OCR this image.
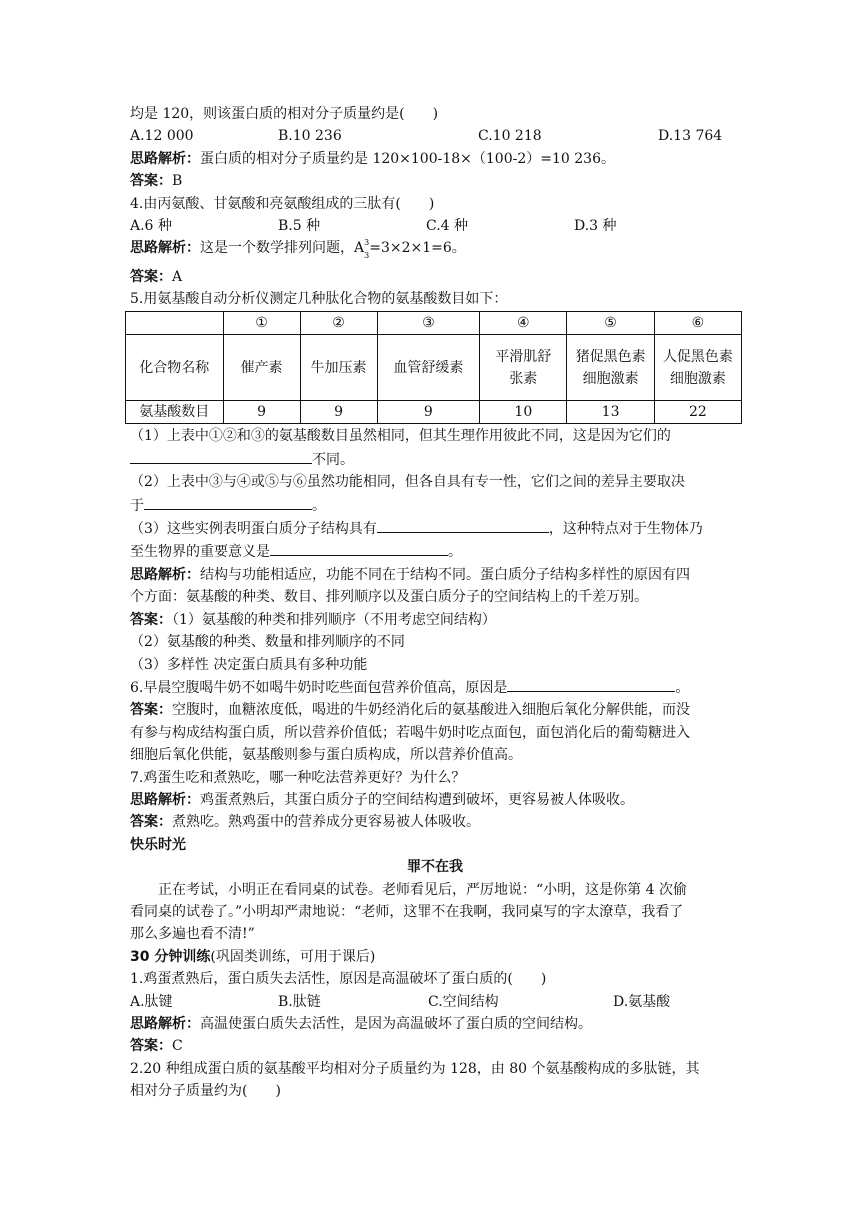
均是 120，则该蛋白质的相对分子质量约是(　　)
A.12 000	B.10 236	C.10 218	D.13 764
思路解析：蛋白质的相对分子质量约是 120×100-18×（100-2）=10 236。
答案：B
4.由丙氨酸、甘氨酸和亮氨酸组成的三肽有(　　)
A.6 种	B.5 种	C.4 种	D.3 种
思路解析：这是一个数学排列问题，A 3
$_3$=3×2×1=6。
答案：A
5.用氨基酸自动分析仪测定几种肽化合物的氨基酸数目如下：
	①	②	③	④	⑤	⑥
化合物名称	催产素	牛加压素	血管舒缓素	平滑肌舒张素	猪促黑色素细胞激素	人促黑色素细胞激素
氨基酸数目	9	9	9	10	13	22
（1）上表中①②和③的氨基酸数目虽然相同，但其生理作用彼此不同，这是因为它们的
不同。
（2）上表中③与④或⑤与⑥虽然功能相同，但各自具有专一性，它们之间的差异主要取决
于	。
（3）这些实例表明蛋白质分子结构具有	，这种特点对于生物体乃
至生物界的重要意义是	。
思路解析：结构与功能相适应，功能不同在于结构不同。蛋白质分子结构多样性的原因有四
个方面：氨基酸的种类、数目、排列顺序以及蛋白质分子的空间结构上的千差万别。
答案：（1）氨基酸的种类和排列顺序（不用考虑空间结构）
（2）氨基酸的种类、数量和排列顺序的不同
（3）多样性 决定蛋白质具有多种功能
6.早晨空腹喝牛奶不如喝牛奶时吃些面包营养价值高，原因是	。
答案：空腹时，血糖浓度低，喝进的牛奶经消化后的氨基酸进入细胞后氧化分解供能，而没
有参与构成结构蛋白质，所以营养价值低；若喝牛奶时吃点面包，面包消化后的葡萄糖进入
细胞后氧化供能，氨基酸则参与蛋白质构成，所以营养价值高。
7.鸡蛋生吃和煮熟吃，哪一种吃法营养更好？为什么？
思路解析：鸡蛋煮熟后，其蛋白质分子的空间结构遭到破坏，更容易被人体吸收。
答案：煮熟吃。熟鸡蛋中的营养成分更容易被人体吸收。
快乐时光
罪不在我
正在考试，小明正在看同桌的试卷。老师看见后，严厉地说：“小明，这是你第 4 次偷
看同桌的试卷了。”小明却严肃地说：“老师，这罪不在我啊，我同桌写的字太潦草，我看了
那么多遍也看不清!”
30 分钟训练(巩固类训练，可用于课后)
1.鸡蛋煮熟后，蛋白质失去活性，原因是高温破坏了蛋白质的(　　)
A.肽键	B.肽链	C.空间结构	D.氨基酸
思路解析：高温使蛋白质失去活性，是因为高温破坏了蛋白质的空间结构。
答案：C
2.20 种组成蛋白质的氨基酸平均相对分子质量约为 128，由 80 个氨基酸构成的多肽链，其
相对分子质量约为(　　)
